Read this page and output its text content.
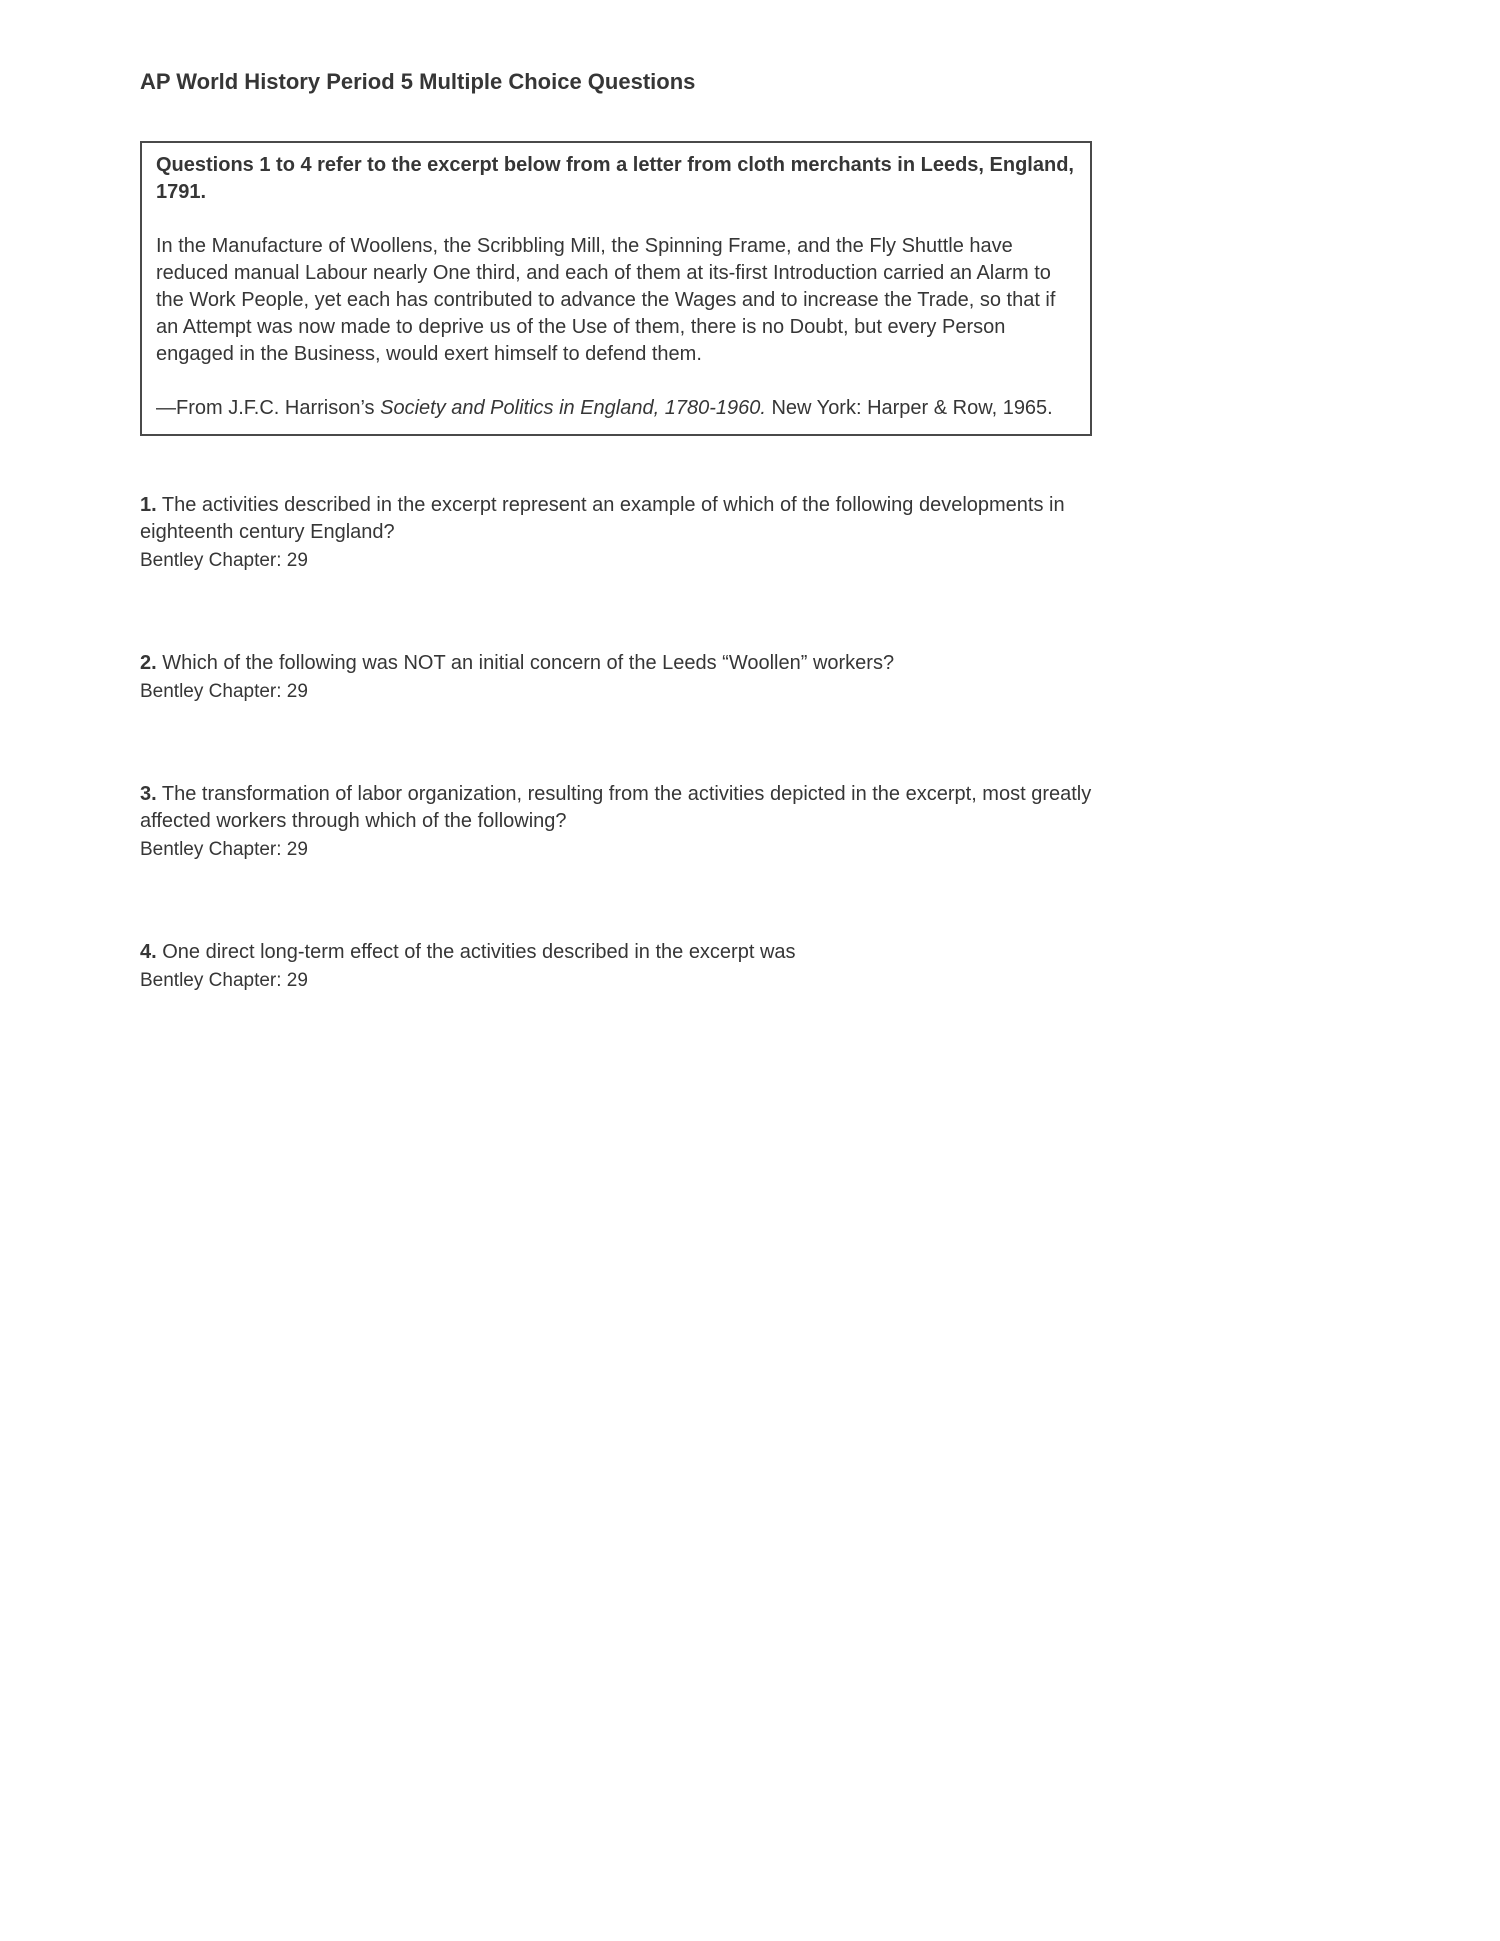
AP World History Period 5 Multiple Choice Questions

Questions 1 to 4 refer to the excerpt below from a letter from cloth merchants in Leeds, England, 1791.

In the Manufacture of Woollens, the Scribbling Mill, the Spinning Frame, and the Fly Shuttle have reduced manual Labour nearly One third, and each of them at its-first Introduction carried an Alarm to the Work People, yet each has contributed to advance the Wages and to increase the Trade, so that if an Attempt was now made to deprive us of the Use of them, there is no Doubt, but every Person engaged in the Business, would exert himself to defend them.

—From J.F.C. Harrison’s Society and Politics in England, 1780-1960. New York: Harper & Row, 1965.

1. The activities described in the excerpt represent an example of which of the following developments in eighteenth century England?

Bentley Chapter: 29

2. Which of the following was NOT an initial concern of the Leeds “Woollen” workers?

Bentley Chapter: 29

3. The transformation of labor organization, resulting from the activities depicted in the excerpt, most greatly affected workers through which of the following?

Bentley Chapter: 29

4. One direct long-term effect of the activities described in the excerpt was

Bentley Chapter: 29
